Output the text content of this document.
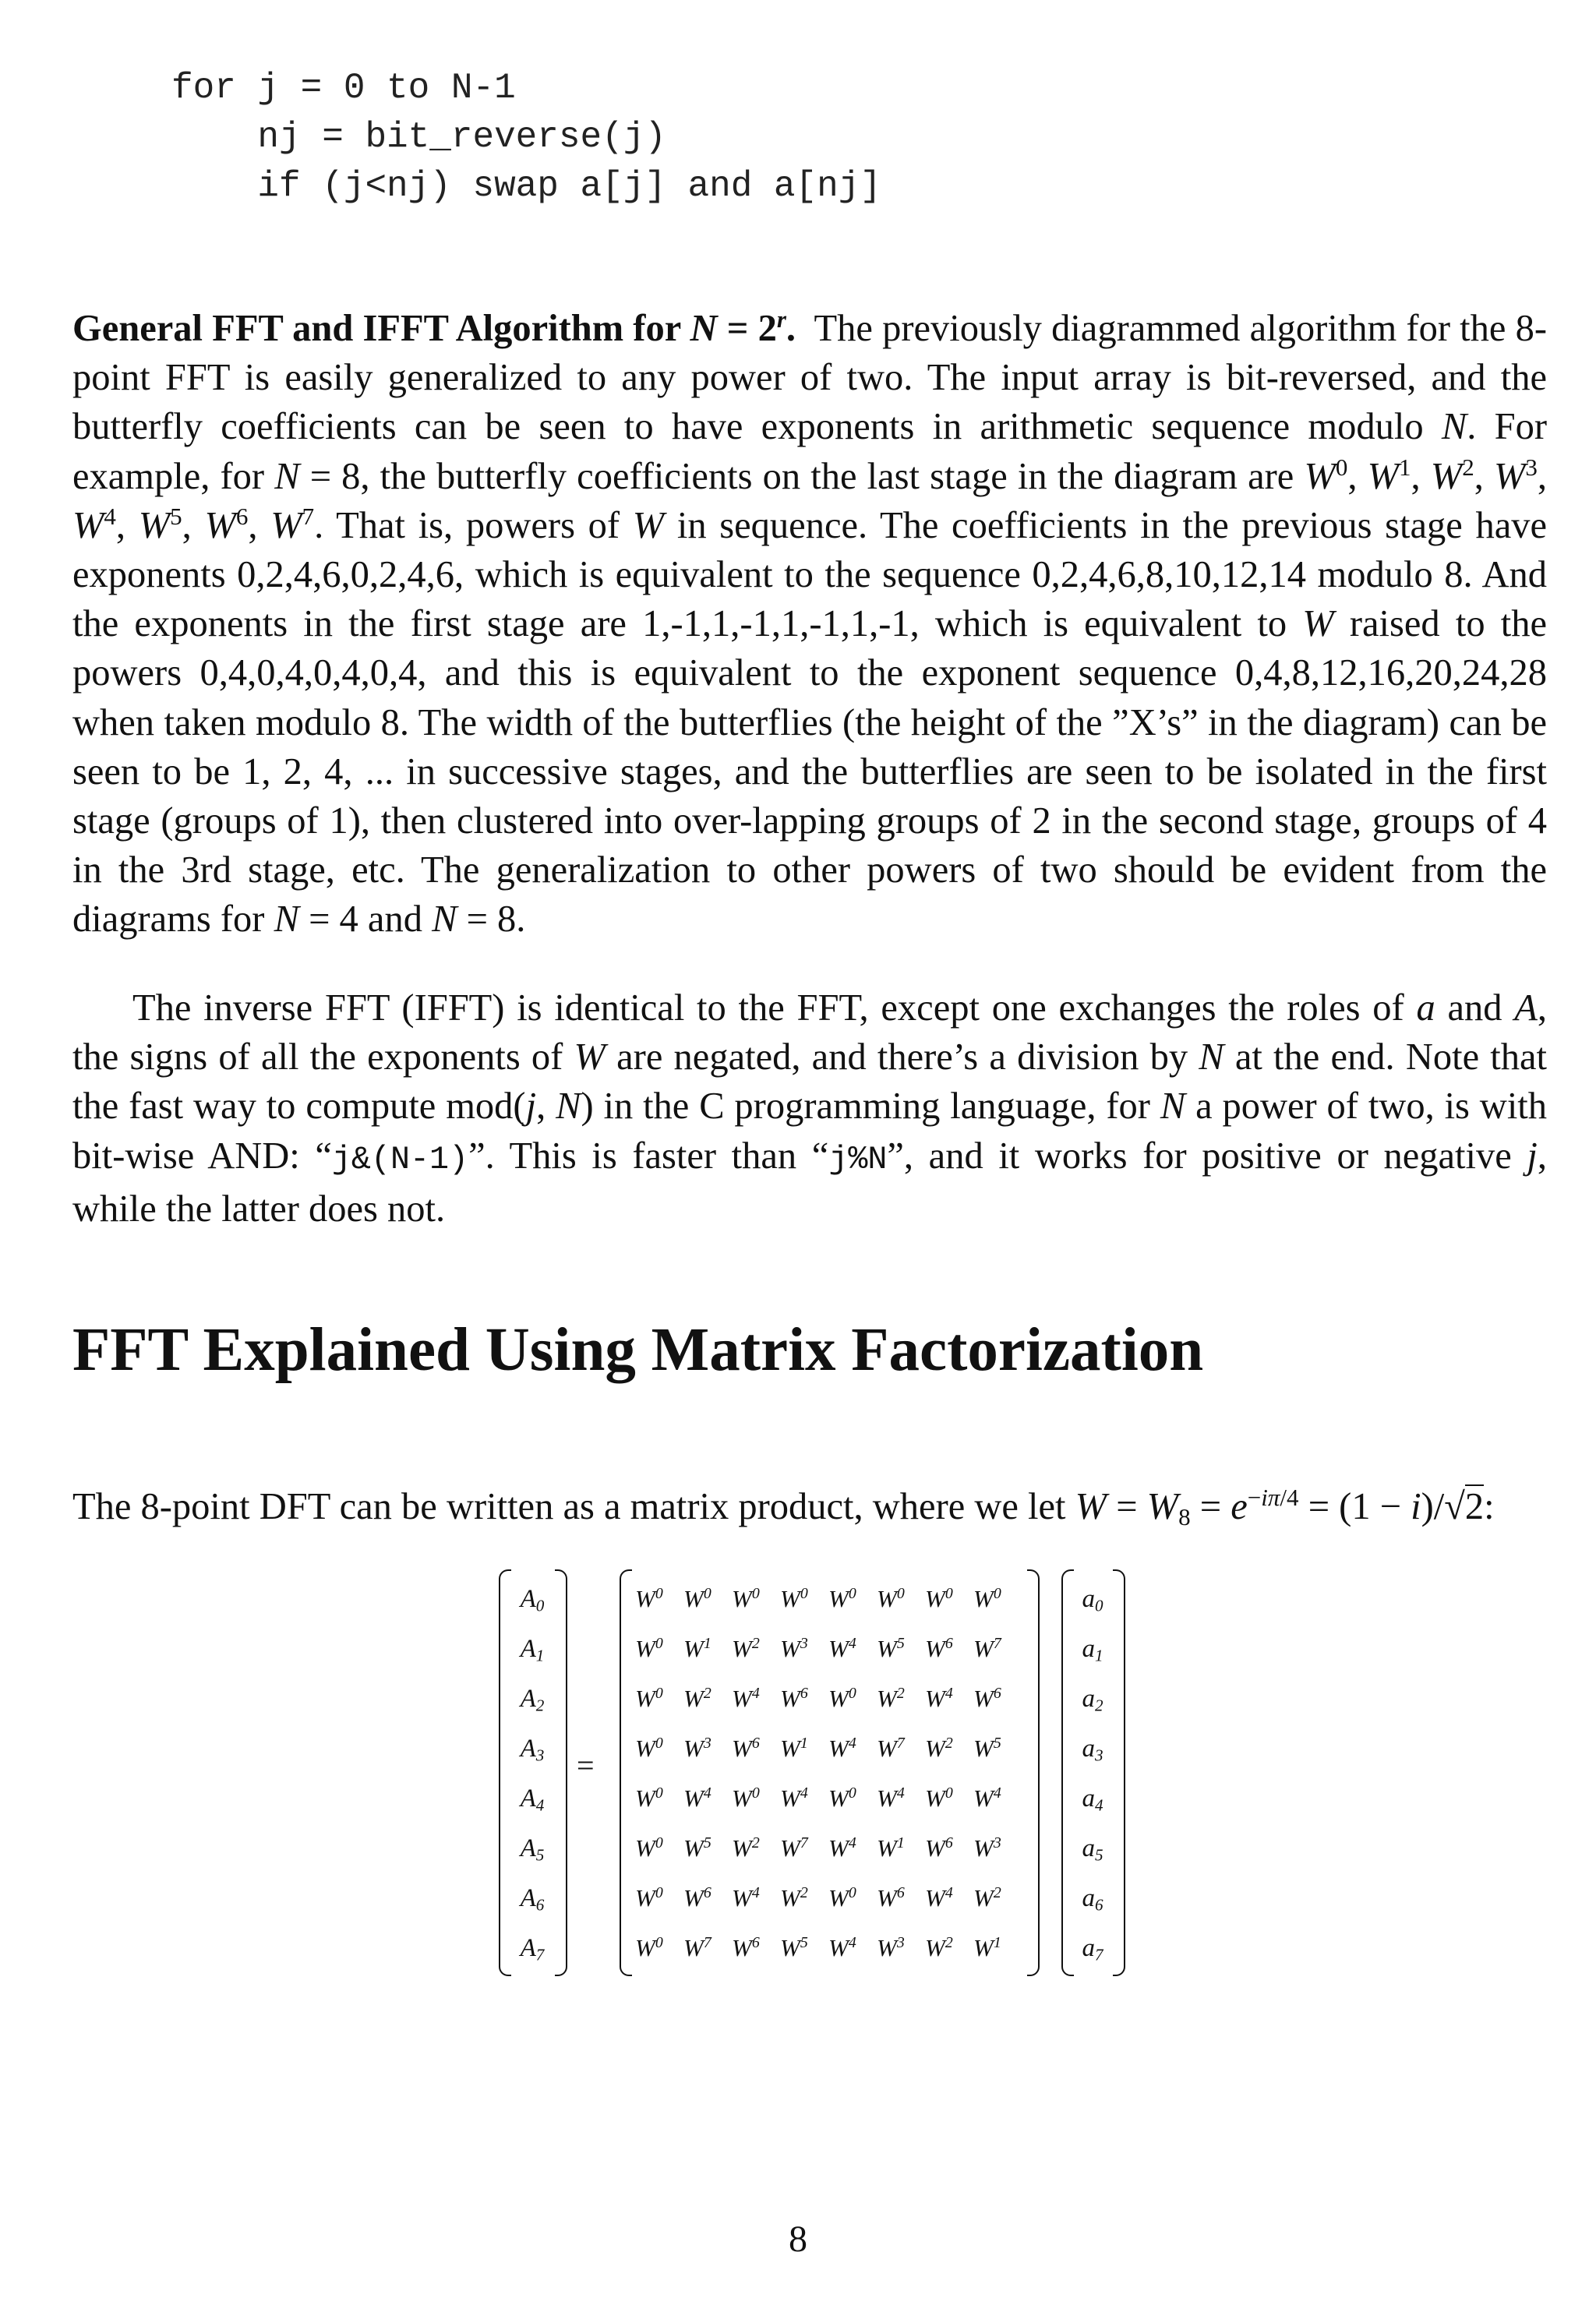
for j = 0 to N-1
nj = bit_reverse(j)
if (j<nj) swap a[j] and a[nj]
General FFT and IFFT Algorithm for $N = 2^r$. The previously diagrammed algorithm for the 8-point FFT is easily generalized to any power of two. The input array is bit-reversed, and the butterfly coefficients can be seen to have exponents in arithmetic sequence modulo N. For example, for N = 8, the butterfly coefficients on the last stage in the diagram are $W^0$, $W^1$, $W^2$, $W^3$, $W^4$, $W^5$, $W^6$, $W^7$. That is, powers of W in sequence. The coefficients in the previous stage have exponents 0,2,4,6,0,2,4,6, which is equivalent to the sequence 0,2,4,6,8,10,12,14 modulo 8. And the exponents in the first stage are 1,-1,1,-1,1,-1,1,-1, which is equivalent to W raised to the powers 0,4,0,4,0,4,0,4, and this is equivalent to the exponent sequence 0,4,8,12,16,20,24,28 when taken modulo 8. The width of the butterflies (the height of the ”X’s” in the diagram) can be seen to be 1, 2, 4, ... in successive stages, and the butterflies are seen to be isolated in the first stage (groups of 1), then clustered into over-lapping groups of 2 in the second stage, groups of 4 in the 3rd stage, etc. The generalization to other powers of two should be evident from the diagrams for N = 4 and N = 8.
The inverse FFT (IFFT) is identical to the FFT, except one exchanges the roles of a and A, the signs of all the exponents of W are negated, and there’s a division by N at the end. Note that the fast way to compute mod(j, N) in the C programming language, for N a power of two, is with bit-wise AND: “j&(N-1)”. This is faster than “j%N”, and it works for positive or negative j, while the latter does not.
FFT Explained Using Matrix Factorization
The 8-point DFT can be written as a matrix product, where we let $W = W_8 = e^{-i\pi/4} = (1 - i)/√2$:
$A_0$
$A_1$
$A_2$
$A_3$
$A_4$
$A_5$
$A_6$
$A_7$
=
$W^0$ $W^0$ $W^0$ $W^0$ $W^0$ $W^0$ $W^0$ $W^0$
$W^0$ $W^1$ $W^2$ $W^3$ $W^4$ $W^5$ $W^6$ $W^7$
$W^0$ $W^2$ $W^4$ $W^6$ $W^0$ $W^2$ $W^4$ $W^6$
$W^0$ $W^3$ $W^6$ $W^1$ $W^4$ $W^7$ $W^2$ $W^5$
$W^0$ $W^4$ $W^0$ $W^4$ $W^0$ $W^4$ $W^0$ $W^4$
$W^0$ $W^5$ $W^2$ $W^7$ $W^4$ $W^1$ $W^6$ $W^3$
$W^0$ $W^6$ $W^4$ $W^2$ $W^0$ $W^6$ $W^4$ $W^2$
$W^0$ $W^7$ $W^6$ $W^5$ $W^4$ $W^3$ $W^2$ $W^1$
$a_0$
$a_1$
$a_2$
$a_3$
$a_4$
$a_5$
$a_6$
$a_7$
8
